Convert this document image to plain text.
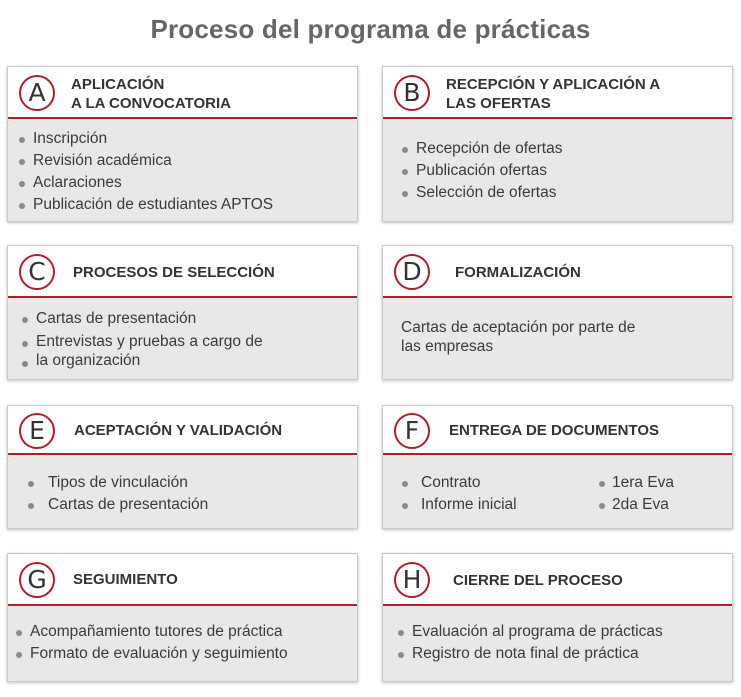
Proceso del programa de prácticas
A	APLICACIÓN
A LA CONVOCATORIA
Inscripción
Revisión académica
Aclaraciones
Publicación de estudiantes APTOS
B	RECEPCIÓN Y APLICACIÓN A
LAS OFERTAS
Recepción de ofertas
Publicación ofertas
Selección de ofertas
C	PROCESOS DE SELECCIÓN
Cartas de presentación
Entrevistas y pruebas a cargo de
la organización
D	FORMALIZACIÓN
Cartas de aceptación por parte de
las empresas
E	ACEPTACIÓN Y VALIDACIÓN
Tipos de vinculación
Cartas de presentación
F	ENTREGA DE DOCUMENTOS
Contrato
Informe inicial
1era Eva
2da Eva
G	SEGUIMIENTO
Acompañamiento tutores de práctica
Formato de evaluación y seguimiento
H	CIERRE DEL PROCESO
Evaluación al programa de prácticas
Registro de nota final de práctica
